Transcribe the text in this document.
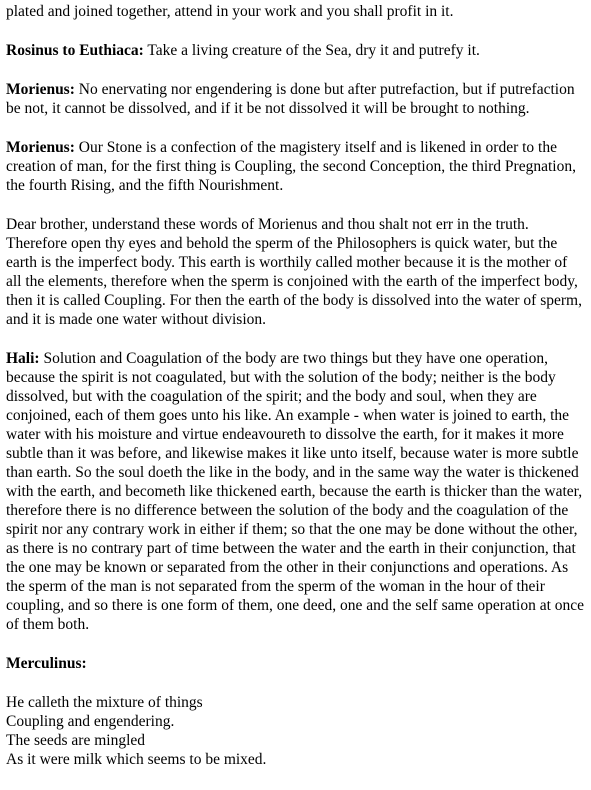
plated and joined together, attend in your work and you shall profit in it.

Rosinus to Euthiaca: Take a living creature of the Sea, dry it and putrefy it.

Morienus: No enervating nor engendering is done but after putrefaction, but if putrefaction be not, it cannot be dissolved, and if it be not dissolved it will be brought to nothing.

Morienus: Our Stone is a confection of the magistery itself and is likened in order to the creation of man, for the first thing is Coupling, the second Conception, the third Pregnation, the fourth Rising, and the fifth Nourishment.

Dear brother, understand these words of Morienus and thou shalt not err in the truth. Therefore open thy eyes and behold the sperm of the Philosophers is quick water, but the earth is the imperfect body. This earth is worthily called mother because it is the mother of all the elements, therefore when the sperm is conjoined with the earth of the imperfect body, then it is called Coupling. For then the earth of the body is dissolved into the water of sperm, and it is made one water without division.

Hali: Solution and Coagulation of the body are two things but they have one operation, because the spirit is not coagulated, but with the solution of the body; neither is the body dissolved, but with the coagulation of the spirit; and the body and soul, when they are conjoined, each of them goes unto his like. An example - when water is joined to earth, the water with his moisture and virtue endeavoureth to dissolve the earth, for it makes it more subtle than it was before, and likewise makes it like unto itself, because water is more subtle than earth. So the soul doeth the like in the body, and in the same way the water is thickened with the earth, and becometh like thickened earth, because the earth is thicker than the water, therefore there is no difference between the solution of the body and the coagulation of the spirit nor any contrary work in either if them; so that the one may be done without the other, as there is no contrary part of time between the water and the earth in their conjunction, that the one may be known or separated from the other in their conjunctions and operations. As the sperm of the man is not separated from the sperm of the woman in the hour of their coupling, and so there is one form of them, one deed, one and the self same operation at once of them both.

Merculinus:

He calleth the mixture of things

Coupling and engendering.

The seeds are mingled

As it were milk which seems to be mixed.
